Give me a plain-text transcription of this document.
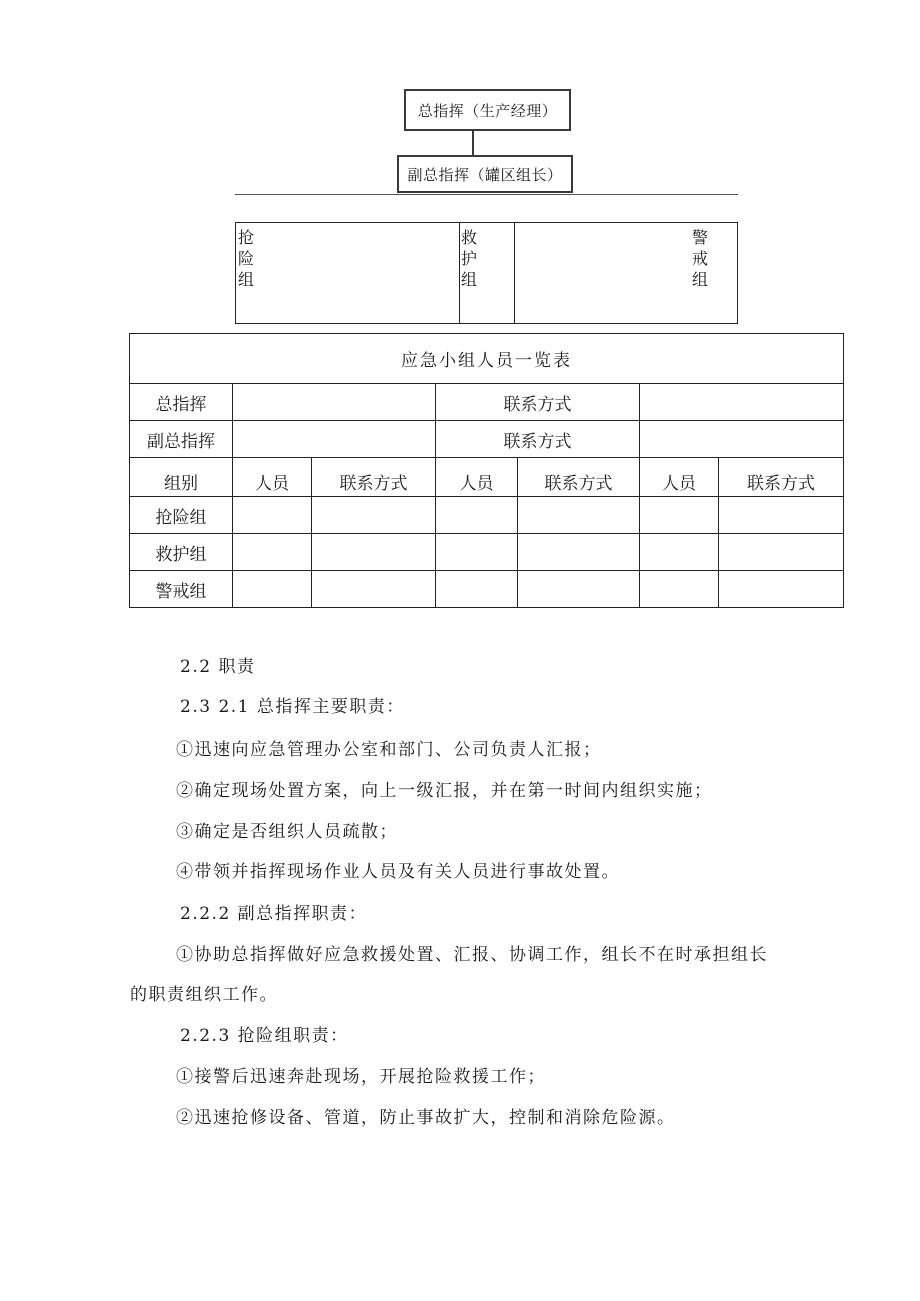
总指挥（生产经理）
副总指挥（罐区组长）
抢
险
组
救
护
组
警
戒
组
应急小组人员一览表						
总指挥			联系方式			
副总指挥			联系方式			
组别	人员	联系方式	人员	联系方式	人员	联系方式
抢险组						
救护组						
警戒组						
2.2 职责
2.3 2.1 总指挥主要职责：
①迅速向应急管理办公室和部门、公司负责人汇报；
②确定现场处置方案，向上一级汇报，并在第一时间内组织实施；
③确定是否组织人员疏散；
④带领并指挥现场作业人员及有关人员进行事故处置。
2.2.2 副总指挥职责：
①协助总指挥做好应急救援处置、汇报、协调工作，组长不在时承担组长
的职责组织工作。
2.2.3 抢险组职责：
①接警后迅速奔赴现场，开展抢险救援工作；
②迅速抢修设备、管道，防止事故扩大，控制和消除危险源。
